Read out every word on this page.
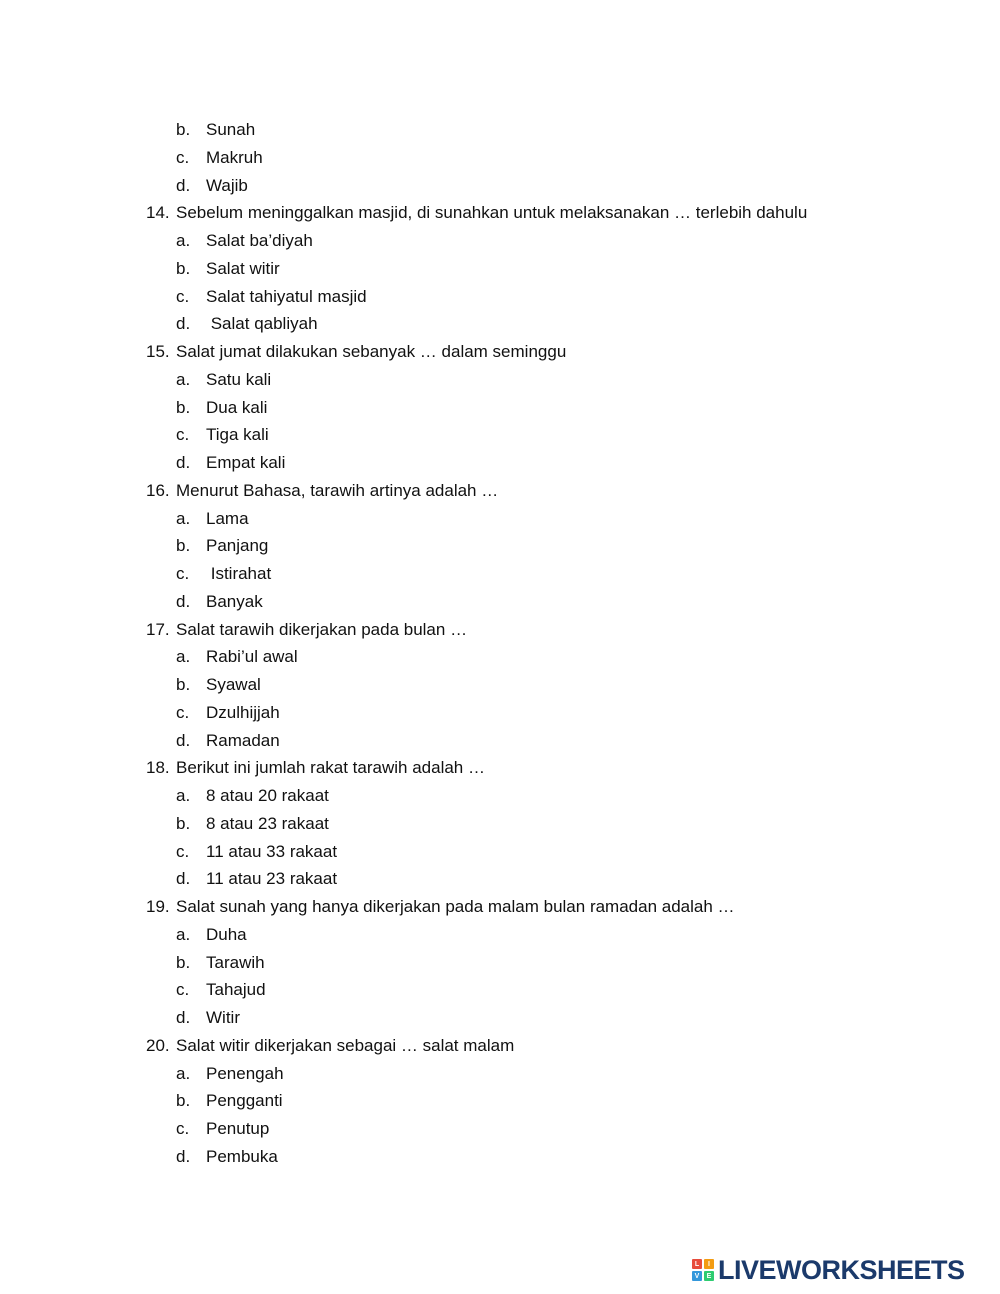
b. Sunah
c. Makruh
d. Wajib
14. Sebelum meninggalkan masjid, di sunahkan untuk melaksanakan … terlebih dahulu
a. Salat ba’diyah
b. Salat witir
c. Salat tahiyatul masjid
d. Salat qabliyah
15. Salat jumat dilakukan sebanyak … dalam seminggu
a. Satu kali
b. Dua kali
c. Tiga kali
d. Empat kali
16. Menurut Bahasa, tarawih artinya adalah …
a. Lama
b. Panjang
c. Istirahat
d. Banyak
17. Salat tarawih dikerjakan pada bulan …
a. Rabi’ul awal
b. Syawal
c. Dzulhijjah
d. Ramadan
18. Berikut ini jumlah rakat tarawih adalah …
a. 8 atau 20 rakaat
b. 8 atau 23 rakaat
c. 11 atau 33 rakaat
d. 11 atau 23 rakaat
19. Salat sunah yang hanya dikerjakan pada malam bulan ramadan adalah …
a. Duha
b. Tarawih
c. Tahajud
d. Witir
20. Salat witir dikerjakan sebagai … salat malam
a. Penengah
b. Pengganti
c. Penutup
d. Pembuka
L	I
V	E LIVEWORKSHEETS
